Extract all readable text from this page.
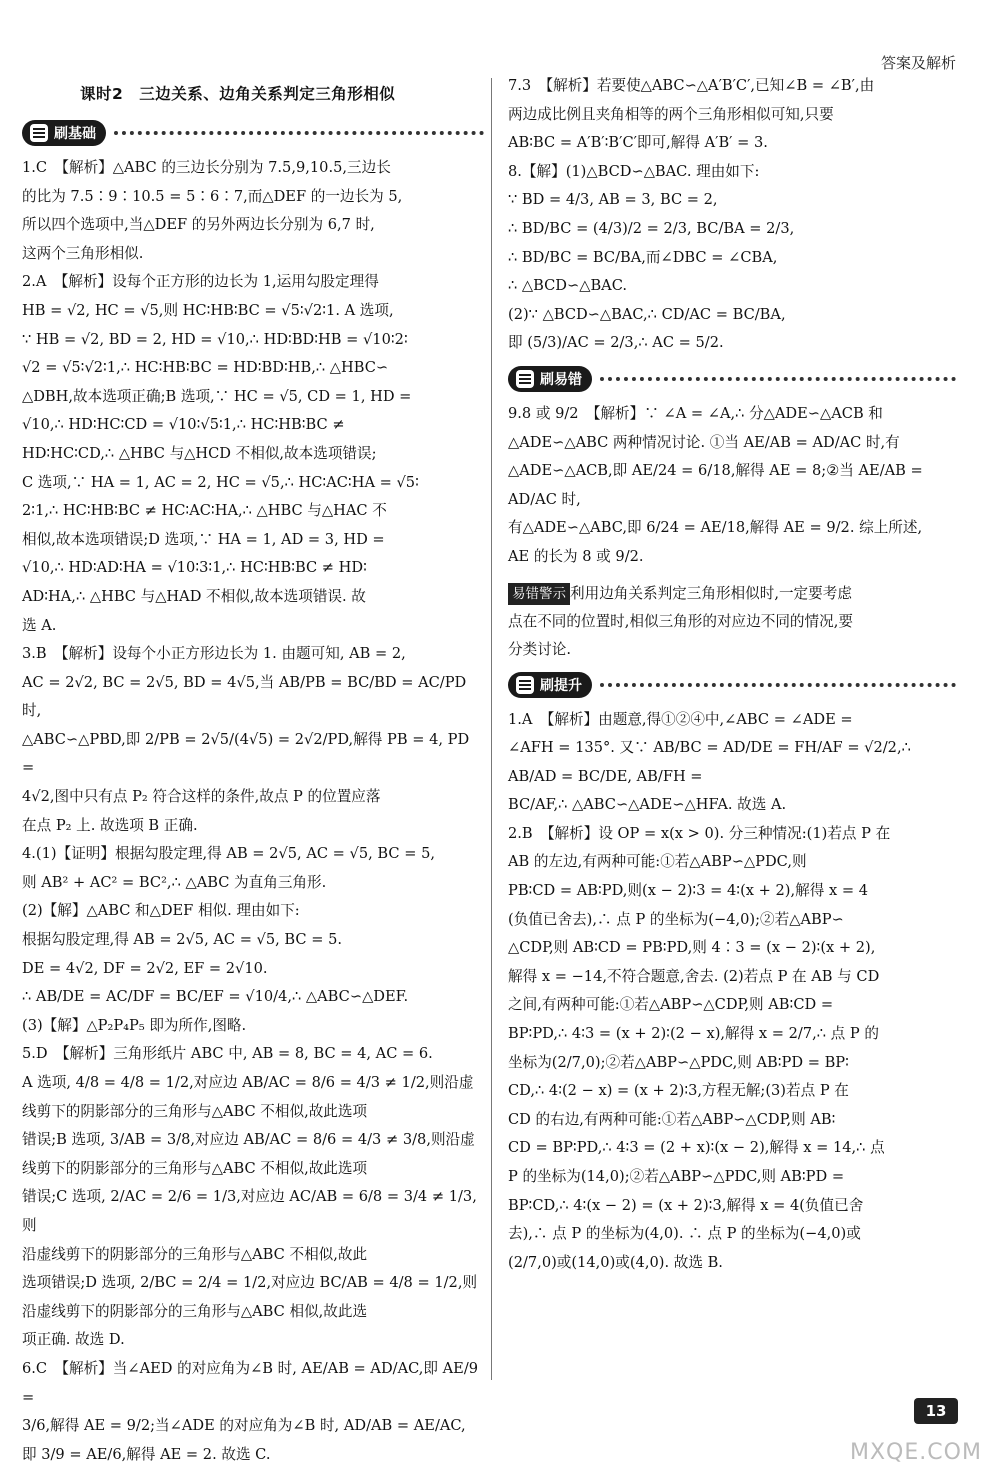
答案及解析
课时2　三边关系、边角关系判定三角形相似
刷基础

1.C　【解析】△ABC 的三边长分别为 7.5,9,10.5,三边长

的比为 7.5∶9∶10.5 = 5∶6∶7,而△DEF 的一边长为 5,

所以四个选项中,当△DEF 的另外两边长分别为 6,7 时,

这两个三角形相似.

2.A　【解析】设每个正方形的边长为 1,运用勾股定理得

HB = √2, HC = √5,则 HC∶HB∶BC = √5∶√2∶1. A 选项,

∵ HB = √2, BD = 2, HD = √10,∴ HD∶BD∶HB = √10∶2∶

√2 = √5∶√2∶1,∴ HC∶HB∶BC = HD∶BD∶HB,∴ △HBC∽

△DBH,故本选项正确;B 选项,∵ HC = √5, CD = 1, HD =

√10,∴ HD∶HC∶CD = √10∶√5∶1,∴ HC∶HB∶BC ≠

HD∶HC∶CD,∴ △HBC 与△HCD 不相似,故本选项错误;

C 选项,∵ HA = 1, AC = 2, HC = √5,∴ HC∶AC∶HA = √5∶

2∶1,∴ HC∶HB∶BC ≠ HC∶AC∶HA,∴ △HBC 与△HAC 不

相似,故本选项错误;D 选项,∵ HA = 1, AD = 3, HD =

√10,∴ HD∶AD∶HA = √10∶3∶1,∴ HC∶HB∶BC ≠ HD∶

AD∶HA,∴ △HBC 与△HAD 不相似,故本选项错误. 故

选 A.

3.B　【解析】设每个小正方形边长为 1. 由题可知, AB = 2,

AC = 2√2, BC = 2√5, BD = 4√5,当 AB/PB = BC/BD = AC/PD 时,

△ABC∽△PBD,即 2/PB = 2√5/(4√5) = 2√2/PD,解得 PB = 4, PD =

4√2,图中只有点 P₂ 符合这样的条件,故点 P 的位置应落

在点 P₂ 上. 故选项 B 正确.

4.(1)【证明】根据勾股定理,得 AB = 2√5, AC = √5, BC = 5,

则 AB² + AC² = BC²,∴ △ABC 为直角三角形.

(2)【解】△ABC 和△DEF 相似. 理由如下:

根据勾股定理,得 AB = 2√5, AC = √5, BC = 5.

DE = 4√2, DF = 2√2, EF = 2√10.

∴ AB/DE = AC/DF = BC/EF = √10/4,∴ △ABC∽△DEF.

(3)【解】△P₂P₄P₅ 即为所作,图略.

5.D　【解析】三角形纸片 ABC 中, AB = 8, BC = 4, AC = 6.

A 选项, 4/8 = 4/8 = 1/2,对应边 AB/AC = 8/6 = 4/3 ≠ 1/2,则沿虚

线剪下的阴影部分的三角形与△ABC 不相似,故此选项

错误;B 选项, 3/AB = 3/8,对应边 AB/AC = 8/6 = 4/3 ≠ 3/8,则沿虚

线剪下的阴影部分的三角形与△ABC 不相似,故此选项

错误;C 选项, 2/AC = 2/6 = 1/3,对应边 AC/AB = 6/8 = 3/4 ≠ 1/3,则

沿虚线剪下的阴影部分的三角形与△ABC 不相似,故此

选项错误;D 选项, 2/BC = 2/4 = 1/2,对应边 BC/AB = 4/8 = 1/2,则

沿虚线剪下的阴影部分的三角形与△ABC 相似,故此选

项正确. 故选 D.

6.C　【解析】当∠AED 的对应角为∠B 时, AE/AB = AD/AC,即 AE/9 =

3/6,解得 AE = 9/2;当∠ADE 的对应角为∠B 时, AD/AB = AE/AC,

即 3/9 = AE/6,解得 AE = 2. 故选 C.

7.3　【解析】若要使△ABC∽△A′B′C′,已知∠B = ∠B′,由

两边成比例且夹角相等的两个三角形相似可知,只要

AB∶BC = A′B′∶B′C′即可,解得 A′B′ = 3.

8.【解】(1)△BCD∽△BAC. 理由如下:

∵ BD = 4/3, AB = 3, BC = 2,

∴ BD/BC = (4/3)/2 = 2/3, BC/BA = 2/3,

∴ BD/BC = BC/BA,而∠DBC = ∠CBA,

∴ △BCD∽△BAC.

(2)∵ △BCD∽△BAC,∴ CD/AC = BC/BA,

即 (5/3)/AC = 2/3,∴ AC = 5/2.

刷易错

9.8 或 9/2　【解析】∵ ∠A = ∠A,∴ 分△ADE∽△ACB 和

△ADE∽△ABC 两种情况讨论. ①当 AE/AB = AD/AC 时,有

△ADE∽△ACB,即 AE/24 = 6/18,解得 AE = 8;②当 AE/AB = AD/AC 时,

有△ADE∽△ABC,即 6/24 = AE/18,解得 AE = 9/2. 综上所述,

AE 的长为 8 或 9/2.

易错警示 利用边角关系判定三角形相似时,一定要考虑
点在不同的位置时,相似三角形的对应边不同的情况,要
分类讨论.
刷提升

1.A　【解析】由题意,得①②④中,∠ABC = ∠ADE =

∠AFH = 135°. 又∵ AB/BC = AD/DE = FH/AF = √2/2,∴ AB/AD = BC/DE, AB/FH =

BC/AF,∴ △ABC∽△ADE∽△HFA. 故选 A.

2.B　【解析】设 OP = x(x > 0). 分三种情况:(1)若点 P 在

AB 的左边,有两种可能:①若△ABP∽△PDC,则

PB∶CD = AB∶PD,则(x − 2)∶3 = 4∶(x + 2),解得 x = 4

(负值已舍去),∴ 点 P 的坐标为(−4,0);②若△ABP∽

△CDP,则 AB∶CD = PB∶PD,则 4∶3 = (x − 2)∶(x + 2),

解得 x = −14,不符合题意,舍去. (2)若点 P 在 AB 与 CD

之间,有两种可能:①若△ABP∽△CDP,则 AB∶CD =

BP∶PD,∴ 4∶3 = (x + 2)∶(2 − x),解得 x = 2/7,∴ 点 P 的

坐标为(2/7,0);②若△ABP∽△PDC,则 AB∶PD = BP∶

CD,∴ 4∶(2 − x) = (x + 2)∶3,方程无解;(3)若点 P 在

CD 的右边,有两种可能:①若△ABP∽△CDP,则 AB∶

CD = BP∶PD,∴ 4∶3 = (2 + x)∶(x − 2),解得 x = 14,∴ 点

P 的坐标为(14,0);②若△ABP∽△PDC,则 AB∶PD =

BP∶CD,∴ 4∶(x − 2) = (x + 2)∶3,解得 x = 4(负值已舍

去),∴ 点 P 的坐标为(4,0). ∴ 点 P 的坐标为(−4,0)或

(2/7,0)或(14,0)或(4,0). 故选 B.

13
MXQE.COM
